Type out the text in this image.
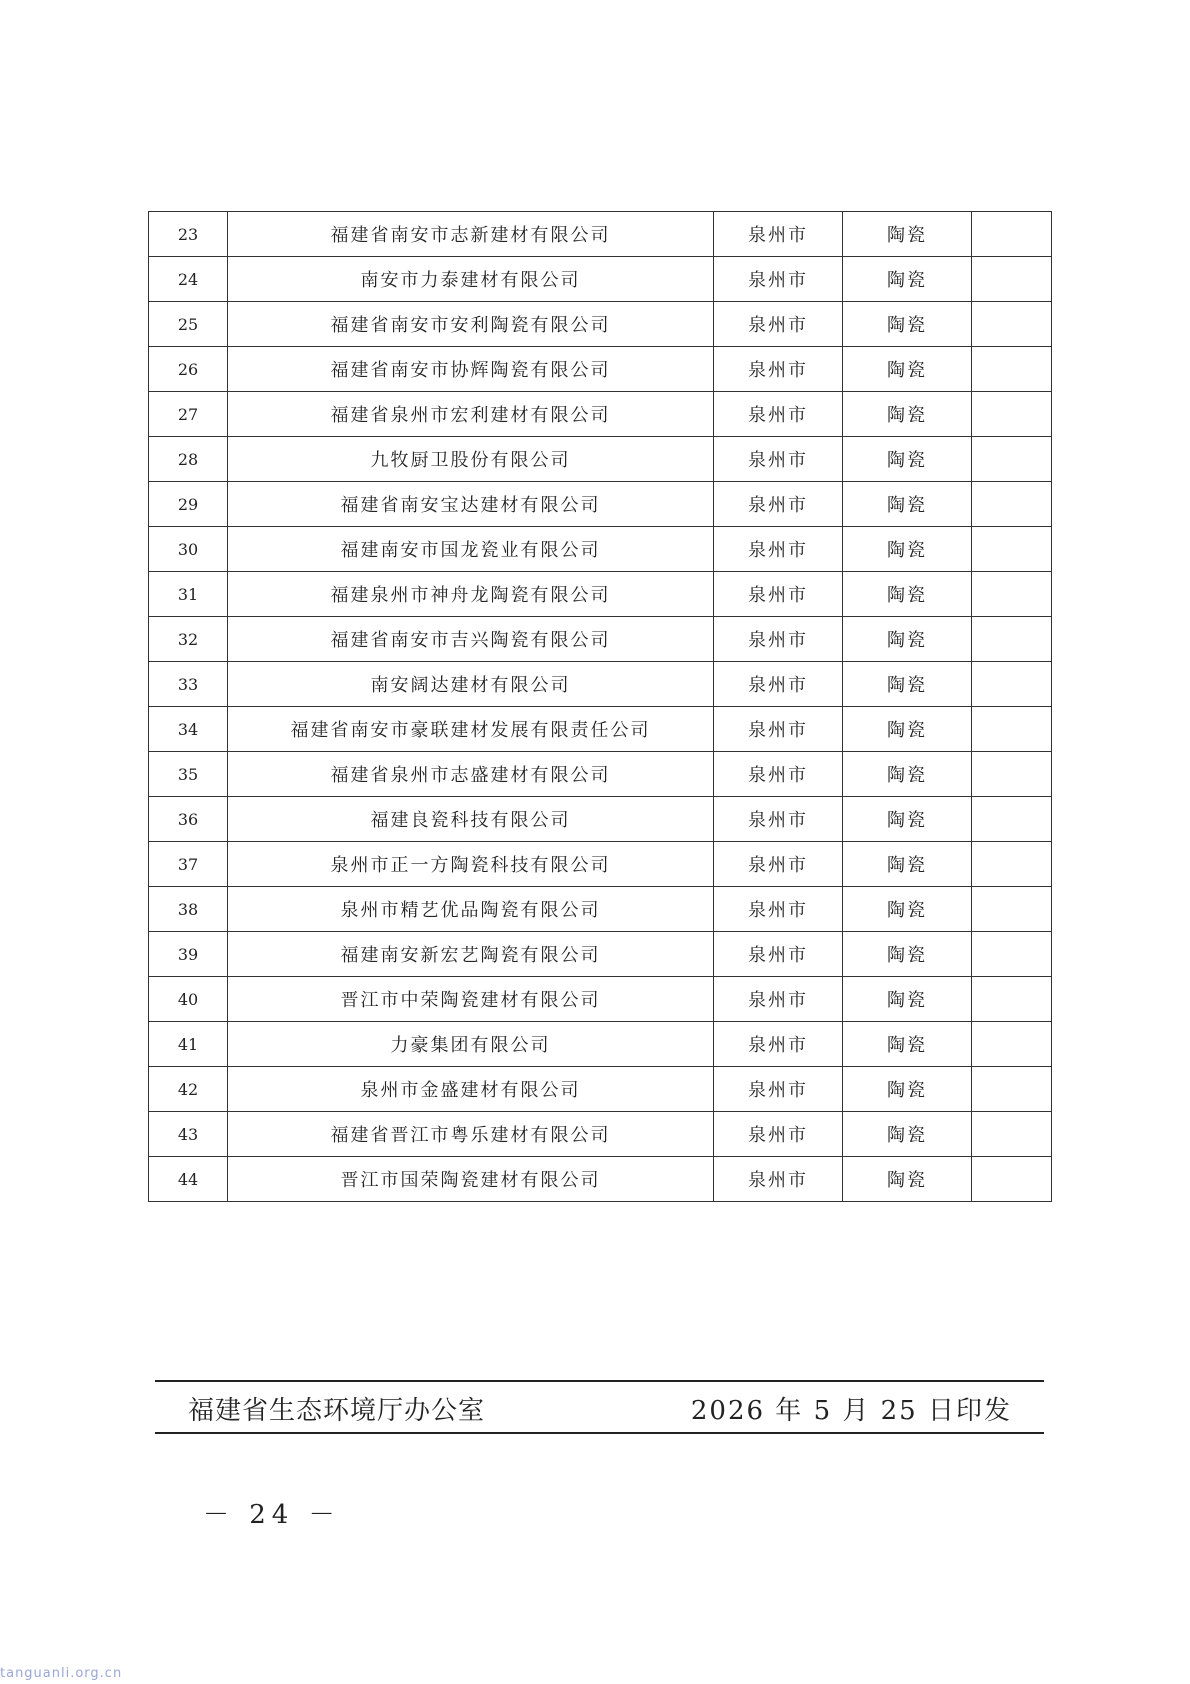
23	福建省南安市志新建材有限公司	泉州市	陶瓷	
24	南安市力泰建材有限公司	泉州市	陶瓷	
25	福建省南安市安利陶瓷有限公司	泉州市	陶瓷	
26	福建省南安市协辉陶瓷有限公司	泉州市	陶瓷	
27	福建省泉州市宏利建材有限公司	泉州市	陶瓷	
28	九牧厨卫股份有限公司	泉州市	陶瓷	
29	福建省南安宝达建材有限公司	泉州市	陶瓷	
30	福建南安市国龙瓷业有限公司	泉州市	陶瓷	
31	福建泉州市神舟龙陶瓷有限公司	泉州市	陶瓷	
32	福建省南安市吉兴陶瓷有限公司	泉州市	陶瓷	
33	南安阔达建材有限公司	泉州市	陶瓷	
34	福建省南安市豪联建材发展有限责任公司	泉州市	陶瓷	
35	福建省泉州市志盛建材有限公司	泉州市	陶瓷	
36	福建良瓷科技有限公司	泉州市	陶瓷	
37	泉州市正一方陶瓷科技有限公司	泉州市	陶瓷	
38	泉州市精艺优品陶瓷有限公司	泉州市	陶瓷	
39	福建南安新宏艺陶瓷有限公司	泉州市	陶瓷	
40	晋江市中荣陶瓷建材有限公司	泉州市	陶瓷	
41	力豪集团有限公司	泉州市	陶瓷	
42	泉州市金盛建材有限公司	泉州市	陶瓷	
43	福建省晋江市粤乐建材有限公司	泉州市	陶瓷	
44	晋江市国荣陶瓷建材有限公司	泉州市	陶瓷	
福建省生态环境厅办公室	2026 年 5 月 25 日印发
－ 24 －
tanguanli.org.cn
